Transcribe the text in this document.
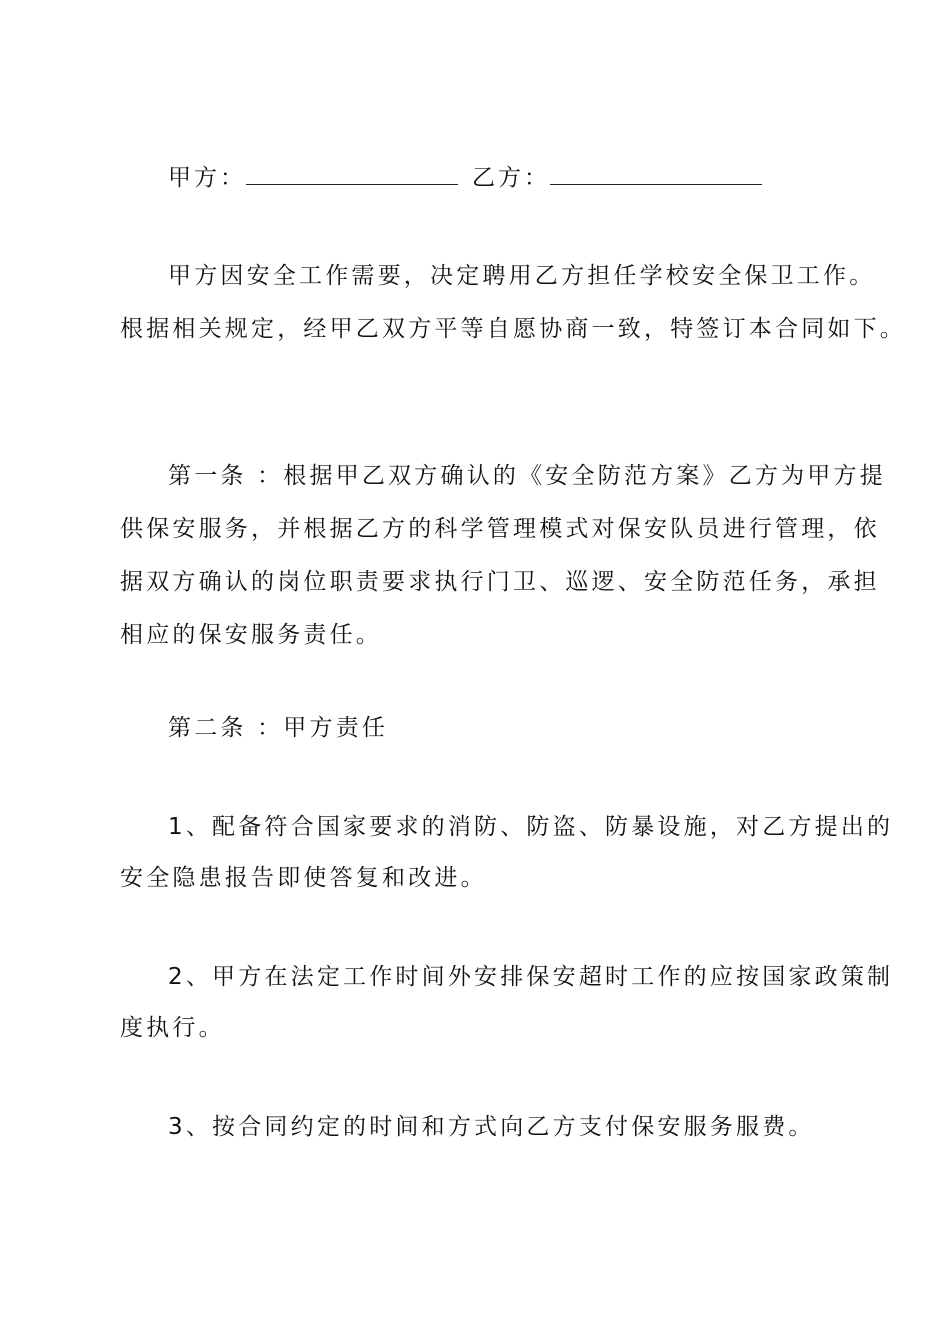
甲方：	乙方：
甲方因安全工作需要，决定聘用乙方担任学校安全保卫工作。
根据相关规定，经甲乙双方平等自愿协商一致，特签订本合同如下。
第一条 ：根据甲乙双方确认的《安全防范方案》乙方为甲方提
供保安服务，并根据乙方的科学管理模式对保安队员进行管理，依
据双方确认的岗位职责要求执行门卫、巡逻、安全防范任务，承担
相应的保安服务责任。
第二条 ：甲方责任
1、配备符合国家要求的消防、防盗、防暴设施，对乙方提出的
安全隐患报告即使答复和改进。
2、甲方在法定工作时间外安排保安超时工作的应按国家政策制
度执行。
3、按合同约定的时间和方式向乙方支付保安服务服费。
